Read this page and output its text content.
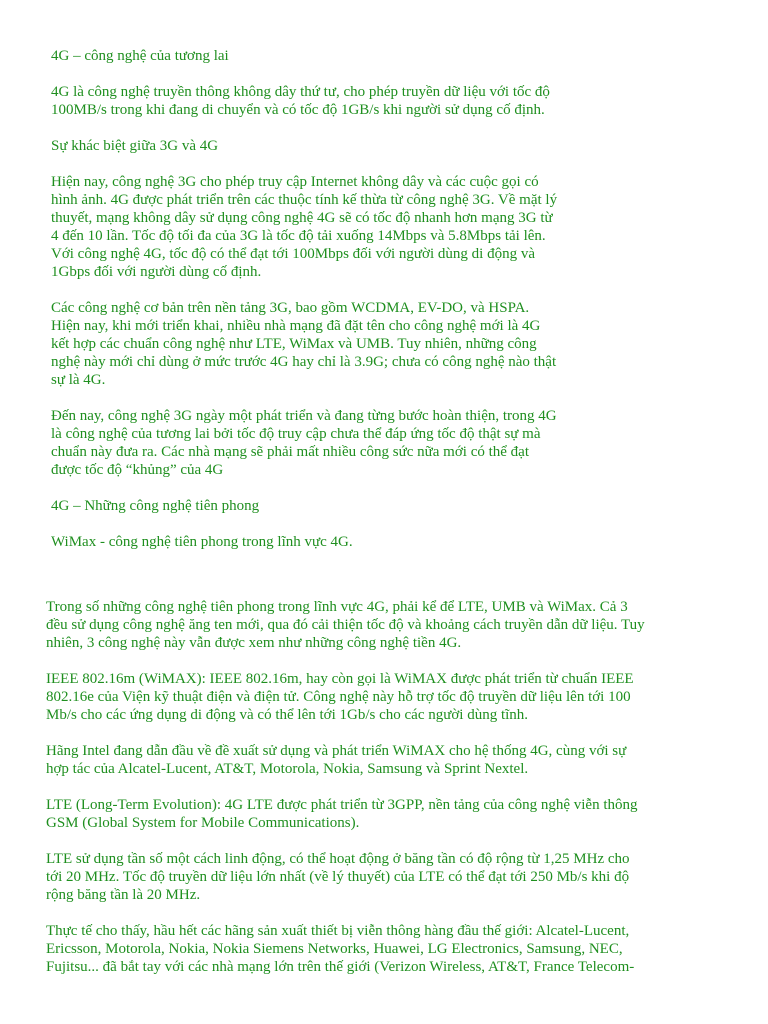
4G – công nghệ của tương lai

4G là công nghệ truyền thông không dây thứ tư, cho phép truyền dữ liệu với tốc độ
100MB/s trong khi đang di chuyển và có tốc độ 1GB/s khi người sử dụng cố định.

Sự khác biệt giữa 3G và 4G

Hiện nay, công nghệ 3G cho phép truy cập Internet không dây và các cuộc gọi có
hình ảnh. 4G được phát triển trên các thuộc tính kế thừa từ công nghệ 3G. Về mặt lý
thuyết, mạng không dây sử dụng công nghệ 4G sẽ có tốc độ nhanh hơn mạng 3G từ
4 đến 10 lần. Tốc độ tối đa của 3G là tốc độ tải xuống 14Mbps và 5.8Mbps tải lên.
Với công nghệ 4G, tốc độ có thể đạt tới 100Mbps đối với người dùng di động và
1Gbps đối với người dùng cố định.

Các công nghệ cơ bản trên nền tảng 3G, bao gồm WCDMA, EV-DO, và HSPA.
Hiện nay, khi mới triển khai, nhiều nhà mạng đã đặt tên cho công nghệ mới là 4G
kết hợp các chuẩn công nghệ như LTE, WiMax và UMB. Tuy nhiên, những công
nghệ này mới chỉ dùng ở mức trước 4G hay chỉ là 3.9G; chưa có công nghệ nào thật
sự là 4G.

Đến nay, công nghệ 3G ngày một phát triển và đang từng bước hoàn thiện, trong 4G
là công nghệ của tương lai bởi tốc độ truy cập chưa thể đáp ứng tốc độ thật sự mà
chuẩn này đưa ra. Các nhà mạng sẽ phải mất nhiều công sức nữa mới có thể đạt
được tốc độ “khủng” của 4G

4G – Những công nghệ tiên phong

WiMax - công nghệ tiên phong trong lĩnh vực 4G.

Trong số những công nghệ tiên phong trong lĩnh vực 4G, phải kể để LTE, UMB và WiMax. Cả 3
đều sử dụng công nghệ ăng ten mới, qua đó cải thiện tốc độ và khoảng cách truyền dẫn dữ liệu. Tuy
nhiên, 3 công nghệ này vẫn được xem như những công nghệ tiền 4G.

IEEE 802.16m (WiMAX): IEEE 802.16m, hay còn gọi là WiMAX được phát triển từ chuẩn IEEE
802.16e của Viện kỹ thuật điện và điện tử. Công nghệ này hỗ trợ tốc độ truyền dữ liệu lên tới 100
Mb/s cho các ứng dụng di động và có thể lên tới 1Gb/s cho các người dùng tĩnh.

Hãng Intel đang dẫn đầu về đề xuất sử dụng và phát triển WiMAX cho hệ thống 4G, cùng với sự
hợp tác của Alcatel-Lucent, AT&T, Motorola, Nokia, Samsung và Sprint Nextel.

LTE (Long-Term Evolution): 4G LTE được phát triển từ 3GPP, nền tảng của công nghệ viễn thông
GSM (Global System for Mobile Communications).

LTE sử dụng tần số một cách linh động, có thể hoạt động ở băng tần có độ rộng từ 1,25 MHz cho
tới 20 MHz. Tốc độ truyền dữ liệu lớn nhất (về lý thuyết) của LTE có thể đạt tới 250 Mb/s khi độ
rộng băng tần là 20 MHz.

Thực tế cho thấy, hầu hết các hãng sản xuất thiết bị viễn thông hàng đầu thế giới: Alcatel-Lucent,
Ericsson, Motorola, Nokia, Nokia Siemens Networks, Huawei, LG Electronics, Samsung, NEC,
Fujitsu... đã bắt tay với các nhà mạng lớn trên thế giới (Verizon Wireless, AT&T, France Telecom-
